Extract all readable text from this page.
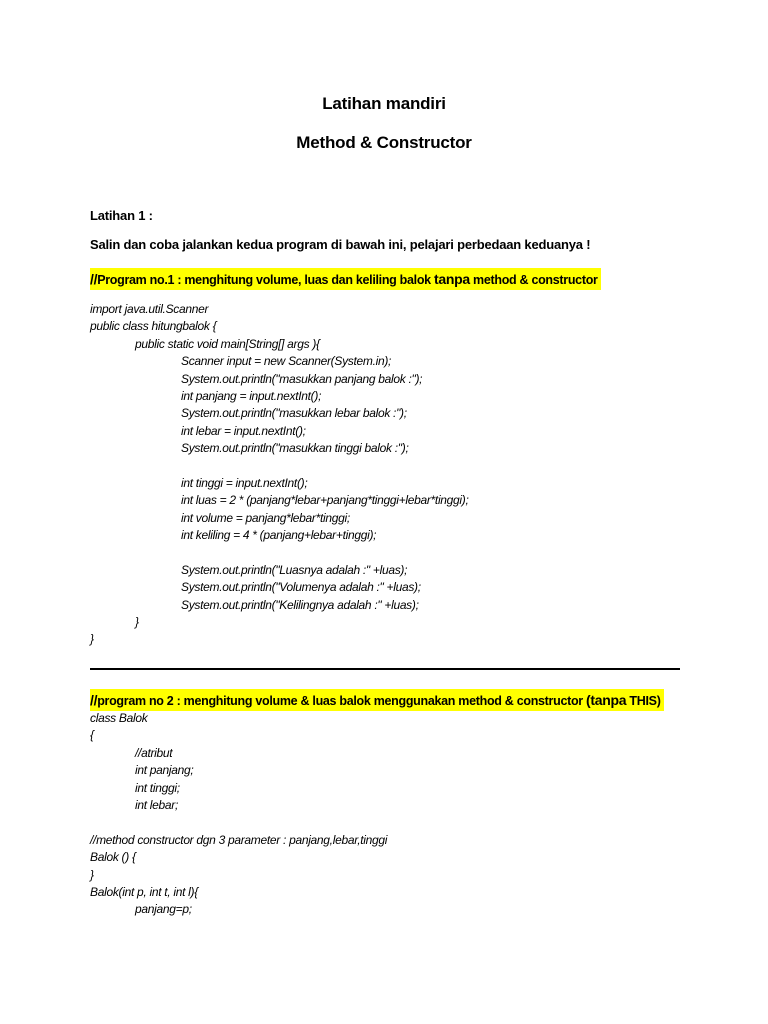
Latihan mandiri
Method & Constructor
Latihan 1 :
Salin dan coba jalankan kedua program di bawah ini, pelajari perbedaan keduanya !
//Program no.1 : menghitung volume, luas dan keliling balok tanpa method & constructor
import java.util.Scanner
public class hitungbalok {
public static void main[String[] args ){
Scanner input = new Scanner(System.in);
System.out.println("masukkan panjang balok :");
int panjang = input.nextInt();
System.out.println("masukkan lebar balok :");
int lebar = input.nextInt();
System.out.println("masukkan tinggi balok :");
int tinggi = input.nextInt();
int luas = 2 * (panjang*lebar+panjang*tinggi+lebar*tinggi);
int volume = panjang*lebar*tinggi;
int keliling = 4 * (panjang+lebar+tinggi);
System.out.println("Luasnya adalah :" +luas);
System.out.println("Volumenya adalah :" +luas);
System.out.println("Kelilingnya adalah :" +luas);
}
}
//program no 2 : menghitung volume & luas balok menggunakan method & constructor (tanpa THIS)
class Balok
{
//atribut
int panjang;
int tinggi;
int lebar;
//method constructor dgn 3 parameter : panjang,lebar,tinggi
Balok () {
}
Balok(int p, int t, int l){
panjang=p;
